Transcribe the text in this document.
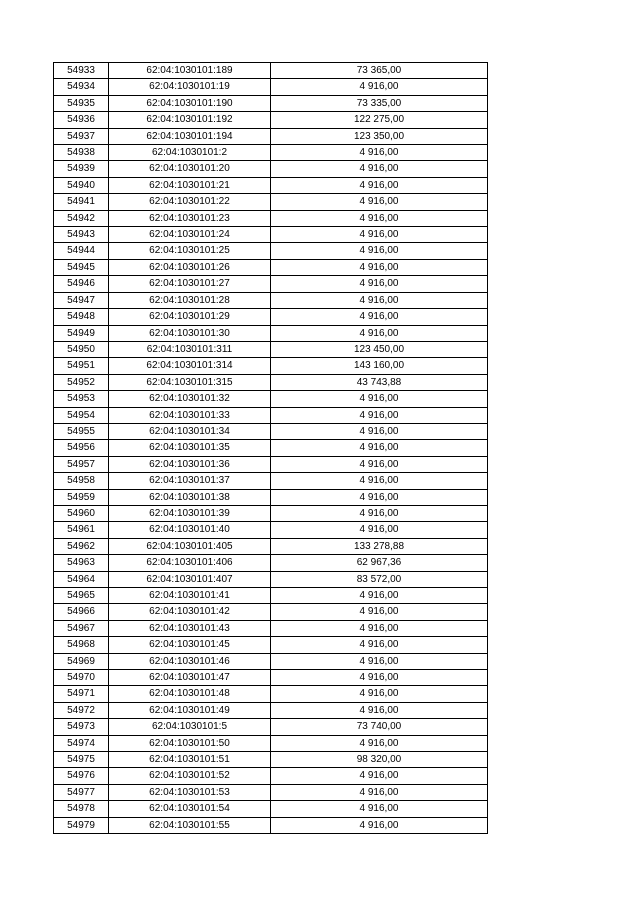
54933	62:04:1030101:189	73 365,00
54934	62:04:1030101:19	4 916,00
54935	62:04:1030101:190	73 335,00
54936	62:04:1030101:192	122 275,00
54937	62:04:1030101:194	123 350,00
54938	62:04:1030101:2	4 916,00
54939	62:04:1030101:20	4 916,00
54940	62:04:1030101:21	4 916,00
54941	62:04:1030101:22	4 916,00
54942	62:04:1030101:23	4 916,00
54943	62:04:1030101:24	4 916,00
54944	62:04:1030101:25	4 916,00
54945	62:04:1030101:26	4 916,00
54946	62:04:1030101:27	4 916,00
54947	62:04:1030101:28	4 916,00
54948	62:04:1030101:29	4 916,00
54949	62:04:1030101:30	4 916,00
54950	62:04:1030101:311	123 450,00
54951	62:04:1030101:314	143 160,00
54952	62:04:1030101:315	43 743,88
54953	62:04:1030101:32	4 916,00
54954	62:04:1030101:33	4 916,00
54955	62:04:1030101:34	4 916,00
54956	62:04:1030101:35	4 916,00
54957	62:04:1030101:36	4 916,00
54958	62:04:1030101:37	4 916,00
54959	62:04:1030101:38	4 916,00
54960	62:04:1030101:39	4 916,00
54961	62:04:1030101:40	4 916,00
54962	62:04:1030101:405	133 278,88
54963	62:04:1030101:406	62 967,36
54964	62:04:1030101:407	83 572,00
54965	62:04:1030101:41	4 916,00
54966	62:04:1030101:42	4 916,00
54967	62:04:1030101:43	4 916,00
54968	62:04:1030101:45	4 916,00
54969	62:04:1030101:46	4 916,00
54970	62:04:1030101:47	4 916,00
54971	62:04:1030101:48	4 916,00
54972	62:04:1030101:49	4 916,00
54973	62:04:1030101:5	73 740,00
54974	62:04:1030101:50	4 916,00
54975	62:04:1030101:51	98 320,00
54976	62:04:1030101:52	4 916,00
54977	62:04:1030101:53	4 916,00
54978	62:04:1030101:54	4 916,00
54979	62:04:1030101:55	4 916,00
